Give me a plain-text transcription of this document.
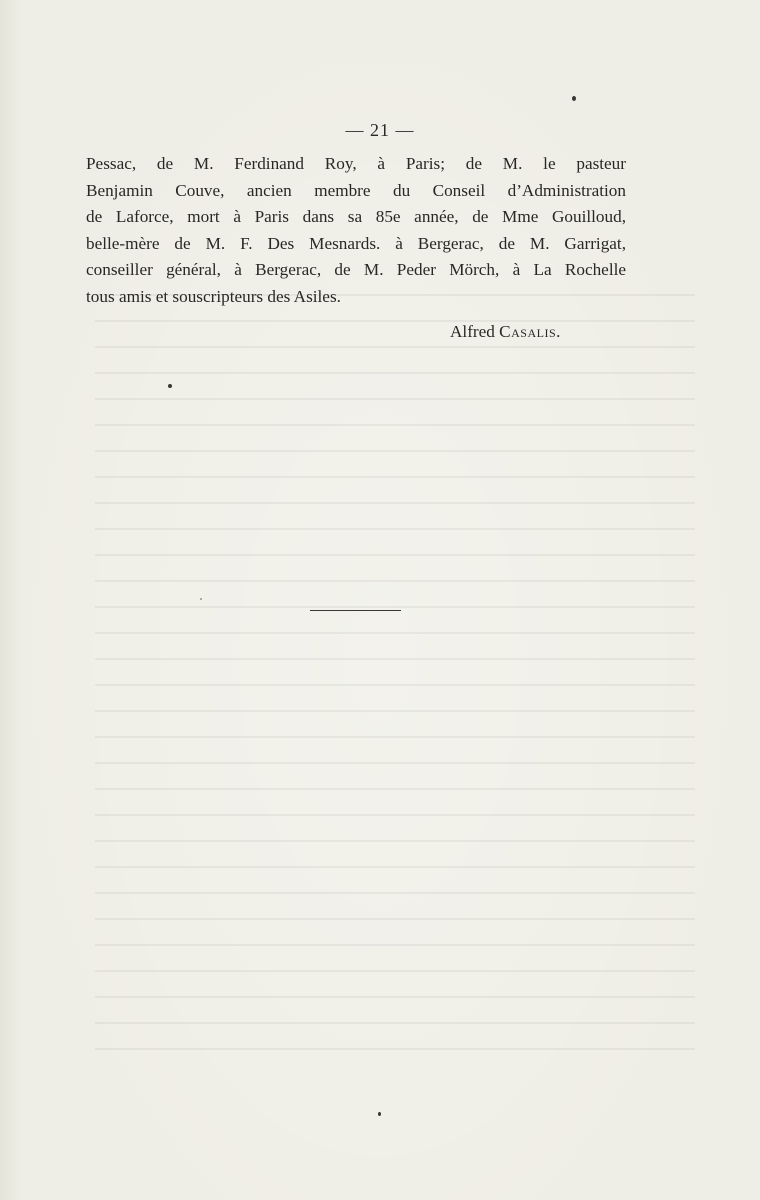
— 21 —
Pessac, de M. Ferdinand Roy, à Paris; de M. le pasteur
Benjamin Couve, ancien membre du Conseil d’Administration
de Laforce, mort à Paris dans sa 85e année, de Mme Gouilloud,
belle-mère de M. F. Des Mesnards. à Bergerac, de M. Garrigat,
conseiller général, à Bergerac, de M. Peder Mörch, à La Rochelle
tous amis et souscripteurs des Asiles.
Alfred Casalis.
